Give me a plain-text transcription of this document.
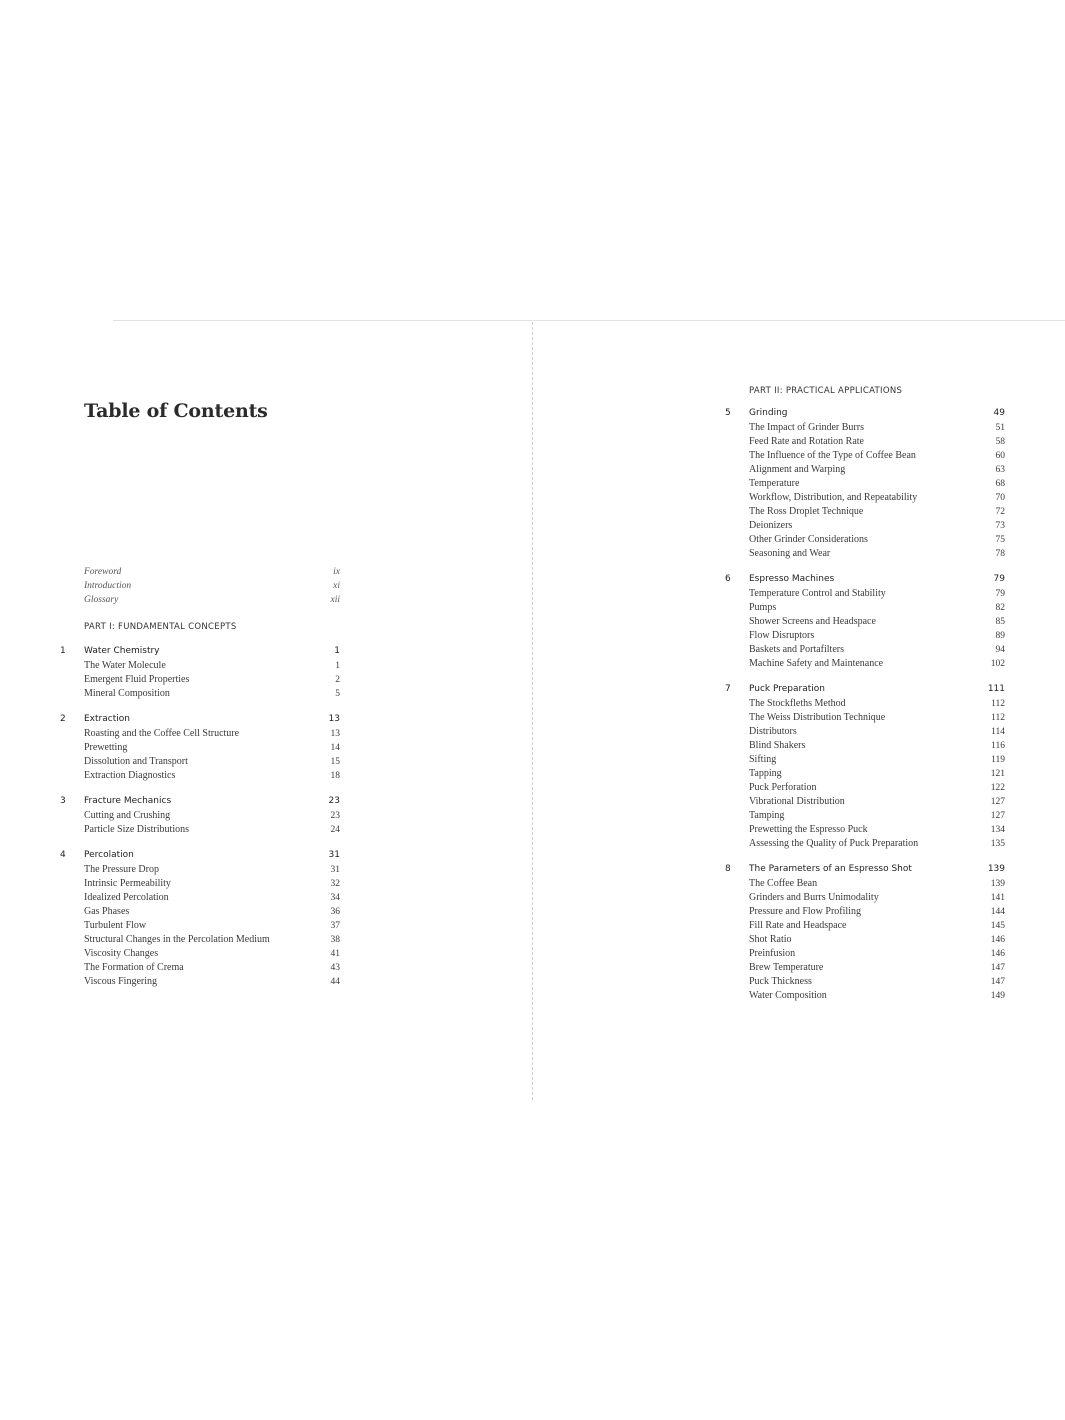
Table of Contents
Foreword	ix
Introduction	xi
Glossary	xii
PART I: FUNDAMENTAL CONCEPTS
1 Water Chemistry	1
The Water Molecule	1
Emergent Fluid Properties	2
Mineral Composition	5
2 Extraction	13
Roasting and the Coffee Cell Structure	13
Prewetting	14
Dissolution and Transport	15
Extraction Diagnostics	18
3 Fracture Mechanics	23
Cutting and Crushing	23
Particle Size Distributions	24
4 Percolation	31
The Pressure Drop	31
Intrinsic Permeability	32
Idealized Percolation	34
Gas Phases	36
Turbulent Flow	37
Structural Changes in the Percolation Medium	38
Viscosity Changes	41
The Formation of Crema	43
Viscous Fingering	44
PART II: PRACTICAL APPLICATIONS
5 Grinding	49
The Impact of Grinder Burrs	51
Feed Rate and Rotation Rate	58
The Influence of the Type of Coffee Bean	60
Alignment and Warping	63
Temperature	68
Workflow, Distribution, and Repeatability	70
The Ross Droplet Technique	72
Deionizers	73
Other Grinder Considerations	75
Seasoning and Wear	78
6 Espresso Machines	79
Temperature Control and Stability	79
Pumps	82
Shower Screens and Headspace	85
Flow Disruptors	89
Baskets and Portafilters	94
Machine Safety and Maintenance	102
7 Puck Preparation	111
The Stockfleths Method	112
The Weiss Distribution Technique	112
Distributors	114
Blind Shakers	116
Sifting	119
Tapping	121
Puck Perforation	122
Vibrational Distribution	127
Tamping	127
Prewetting the Espresso Puck	134
Assessing the Quality of Puck Preparation	135
8 The Parameters of an Espresso Shot	139
The Coffee Bean	139
Grinders and Burrs Unimodality	141
Pressure and Flow Profiling	144
Fill Rate and Headspace	145
Shot Ratio	146
Preinfusion	146
Brew Temperature	147
Puck Thickness	147
Water Composition	149
